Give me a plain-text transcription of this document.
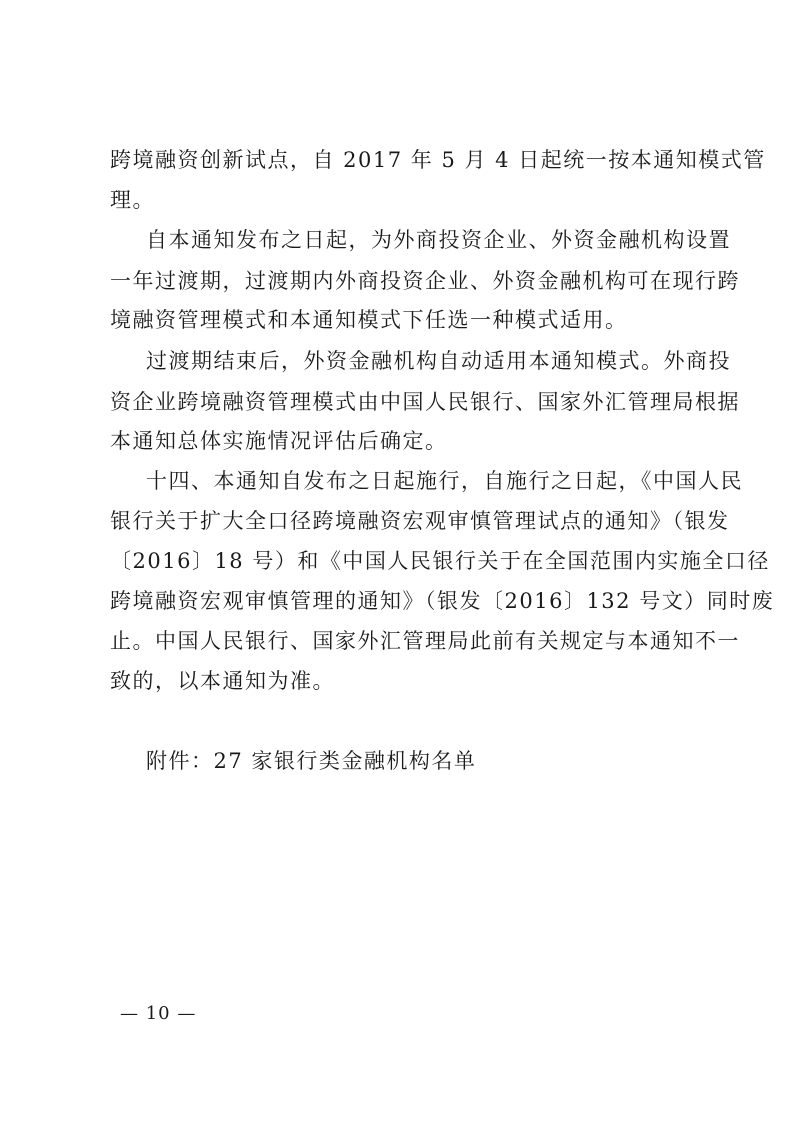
跨境融资创新试点，自 2017 年 5 月 4 日起统一按本通知模式管
理。
自本通知发布之日起，为外商投资企业、外资金融机构设置
一年过渡期，过渡期内外商投资企业、外资金融机构可在现行跨
境融资管理模式和本通知模式下任选一种模式适用。
过渡期结束后，外资金融机构自动适用本通知模式。外商投
资企业跨境融资管理模式由中国人民银行、国家外汇管理局根据
本通知总体实施情况评估后确定。
十四、本通知自发布之日起施行，自施行之日起，《中国人民
银行关于扩大全口径跨境融资宏观审慎管理试点的通知》（银发
〔2016〕18 号）和《中国人民银行关于在全国范围内实施全口径
跨境融资宏观审慎管理的通知》（银发〔2016〕132 号文）同时废
止。中国人民银行、国家外汇管理局此前有关规定与本通知不一
致的，以本通知为准。
附件：27 家银行类金融机构名单
— 10 —
